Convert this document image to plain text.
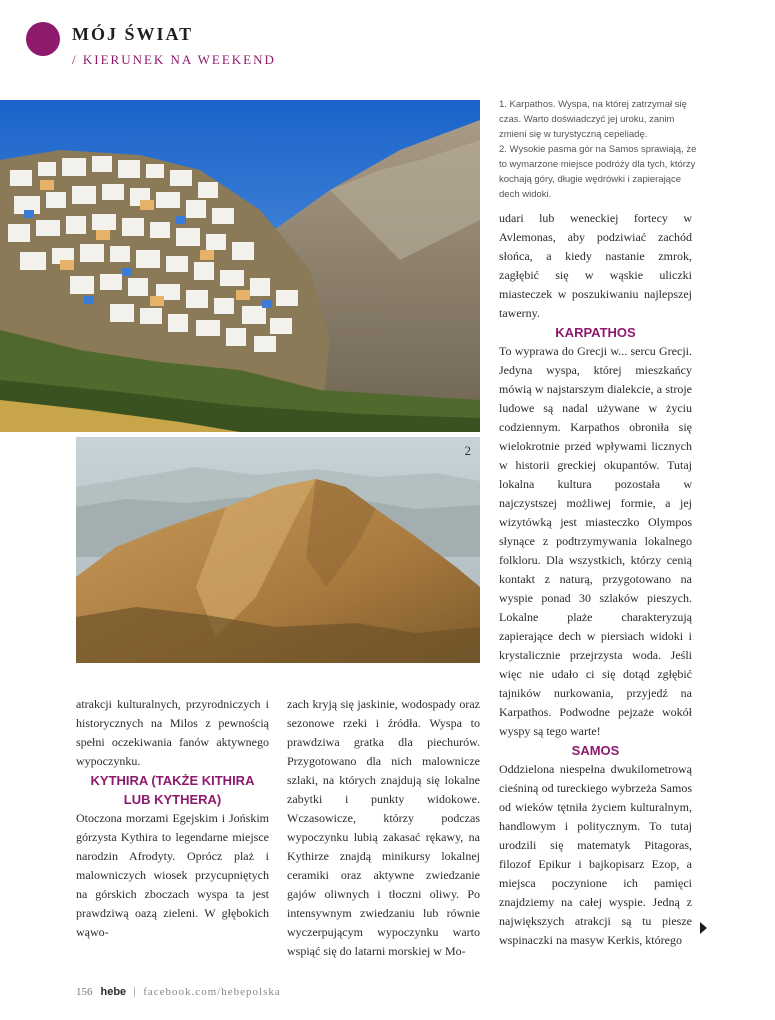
MÓJ ŚWIAT
/ KIERUNEK NA WEEKEND
2

1. Karpathos. Wyspa, na której zatrzymał się czas. Warto doświadczyć jej uroku, zanim zmieni się w turystyczną cepeliadę.

2. Wysokie pasma gór na Samos sprawiają, że to wymarzone miejsce podróży dla tych, którzy kochają góry, długie wędrówki i zapierające dech widoki.

atrakcji kulturalnych, przyrodniczych i historycznych na Milos z pewnością spełni oczekiwania fanów aktywnego wypoczynku.

KYTHIRA (TAKŻE KITHIRA LUB KYTHERA)

Otoczona morzami Egejskim i Jońskim górzysta Kythira to legendarne miejsce narodzin Afrodyty. Oprócz plaż i malowniczych wiosek przycupniętych na górskich zboczach wyspa ta jest prawdziwą oazą zieleni. W głębokich wąwo-

zach kryją się jaskinie, wodospady oraz sezonowe rzeki i źródła. Wyspa to prawdziwa gratka dla piechurów. Przygotowano dla nich malownicze szlaki, na których znajdują się lokalne zabytki i punkty widokowe. Wczasowicze, którzy podczas wypoczynku lubią zakasać rękawy, na Kythirze znajdą minikursy lokalnej ceramiki oraz aktywne zwiedzanie gajów oliwnych i tłoczni oliwy. Po intensywnym zwiedzaniu lub równie wyczerpującym wypoczynku warto wspiąć się do latarni morskiej w Mo-

udari lub weneckiej fortecy w Avlemonas, aby podziwiać zachód słońca, a kiedy nastanie zmrok, zagłębić się w wąskie uliczki miasteczek w poszukiwaniu najlepszej tawerny.

KARPATHOS

To wyprawa do Grecji w... sercu Grecji. Jedyna wyspa, której mieszkańcy mówią w najstarszym dialekcie, a stroje ludowe są nadal używane w życiu codziennym. Karpathos obroniła się wielokrotnie przed wpływami licznych w historii greckiej okupantów. Tutaj lokalna kultura pozostała w najczystszej możliwej formie, a jej wizytówką jest miasteczko Olympos słynące z podtrzymywania lokalnego folkloru. Dla wszystkich, którzy cenią kontakt z naturą, przygotowano na wyspie ponad 30 szlaków pieszych. Lokalne plaże charakteryzują zapierające dech w piersiach widoki i krystalicznie przejrzysta woda. Jeśli więc nie udało ci się dotąd zgłębić tajników nurkowania, przyjedź na Karpathos. Podwodne pejzaże wokół wyspy są tego warte!

SAMOS

Oddzielona niespełna dwukilometrową cieśniną od tureckiego wybrzeża Samos od wieków tętniła życiem kulturalnym, handlowym i politycznym. To tutaj urodzili się matematyk Pitagoras, filozof Epikur i bajkopisarz Ezop, a miejsca poczynione ich pamięci znajdziemy na całej wyspie. Jedną z największych atrakcji są tu piesze wspinaczki na masyw Kerkis, którego

156 hebe facebook.com/hebepolska
